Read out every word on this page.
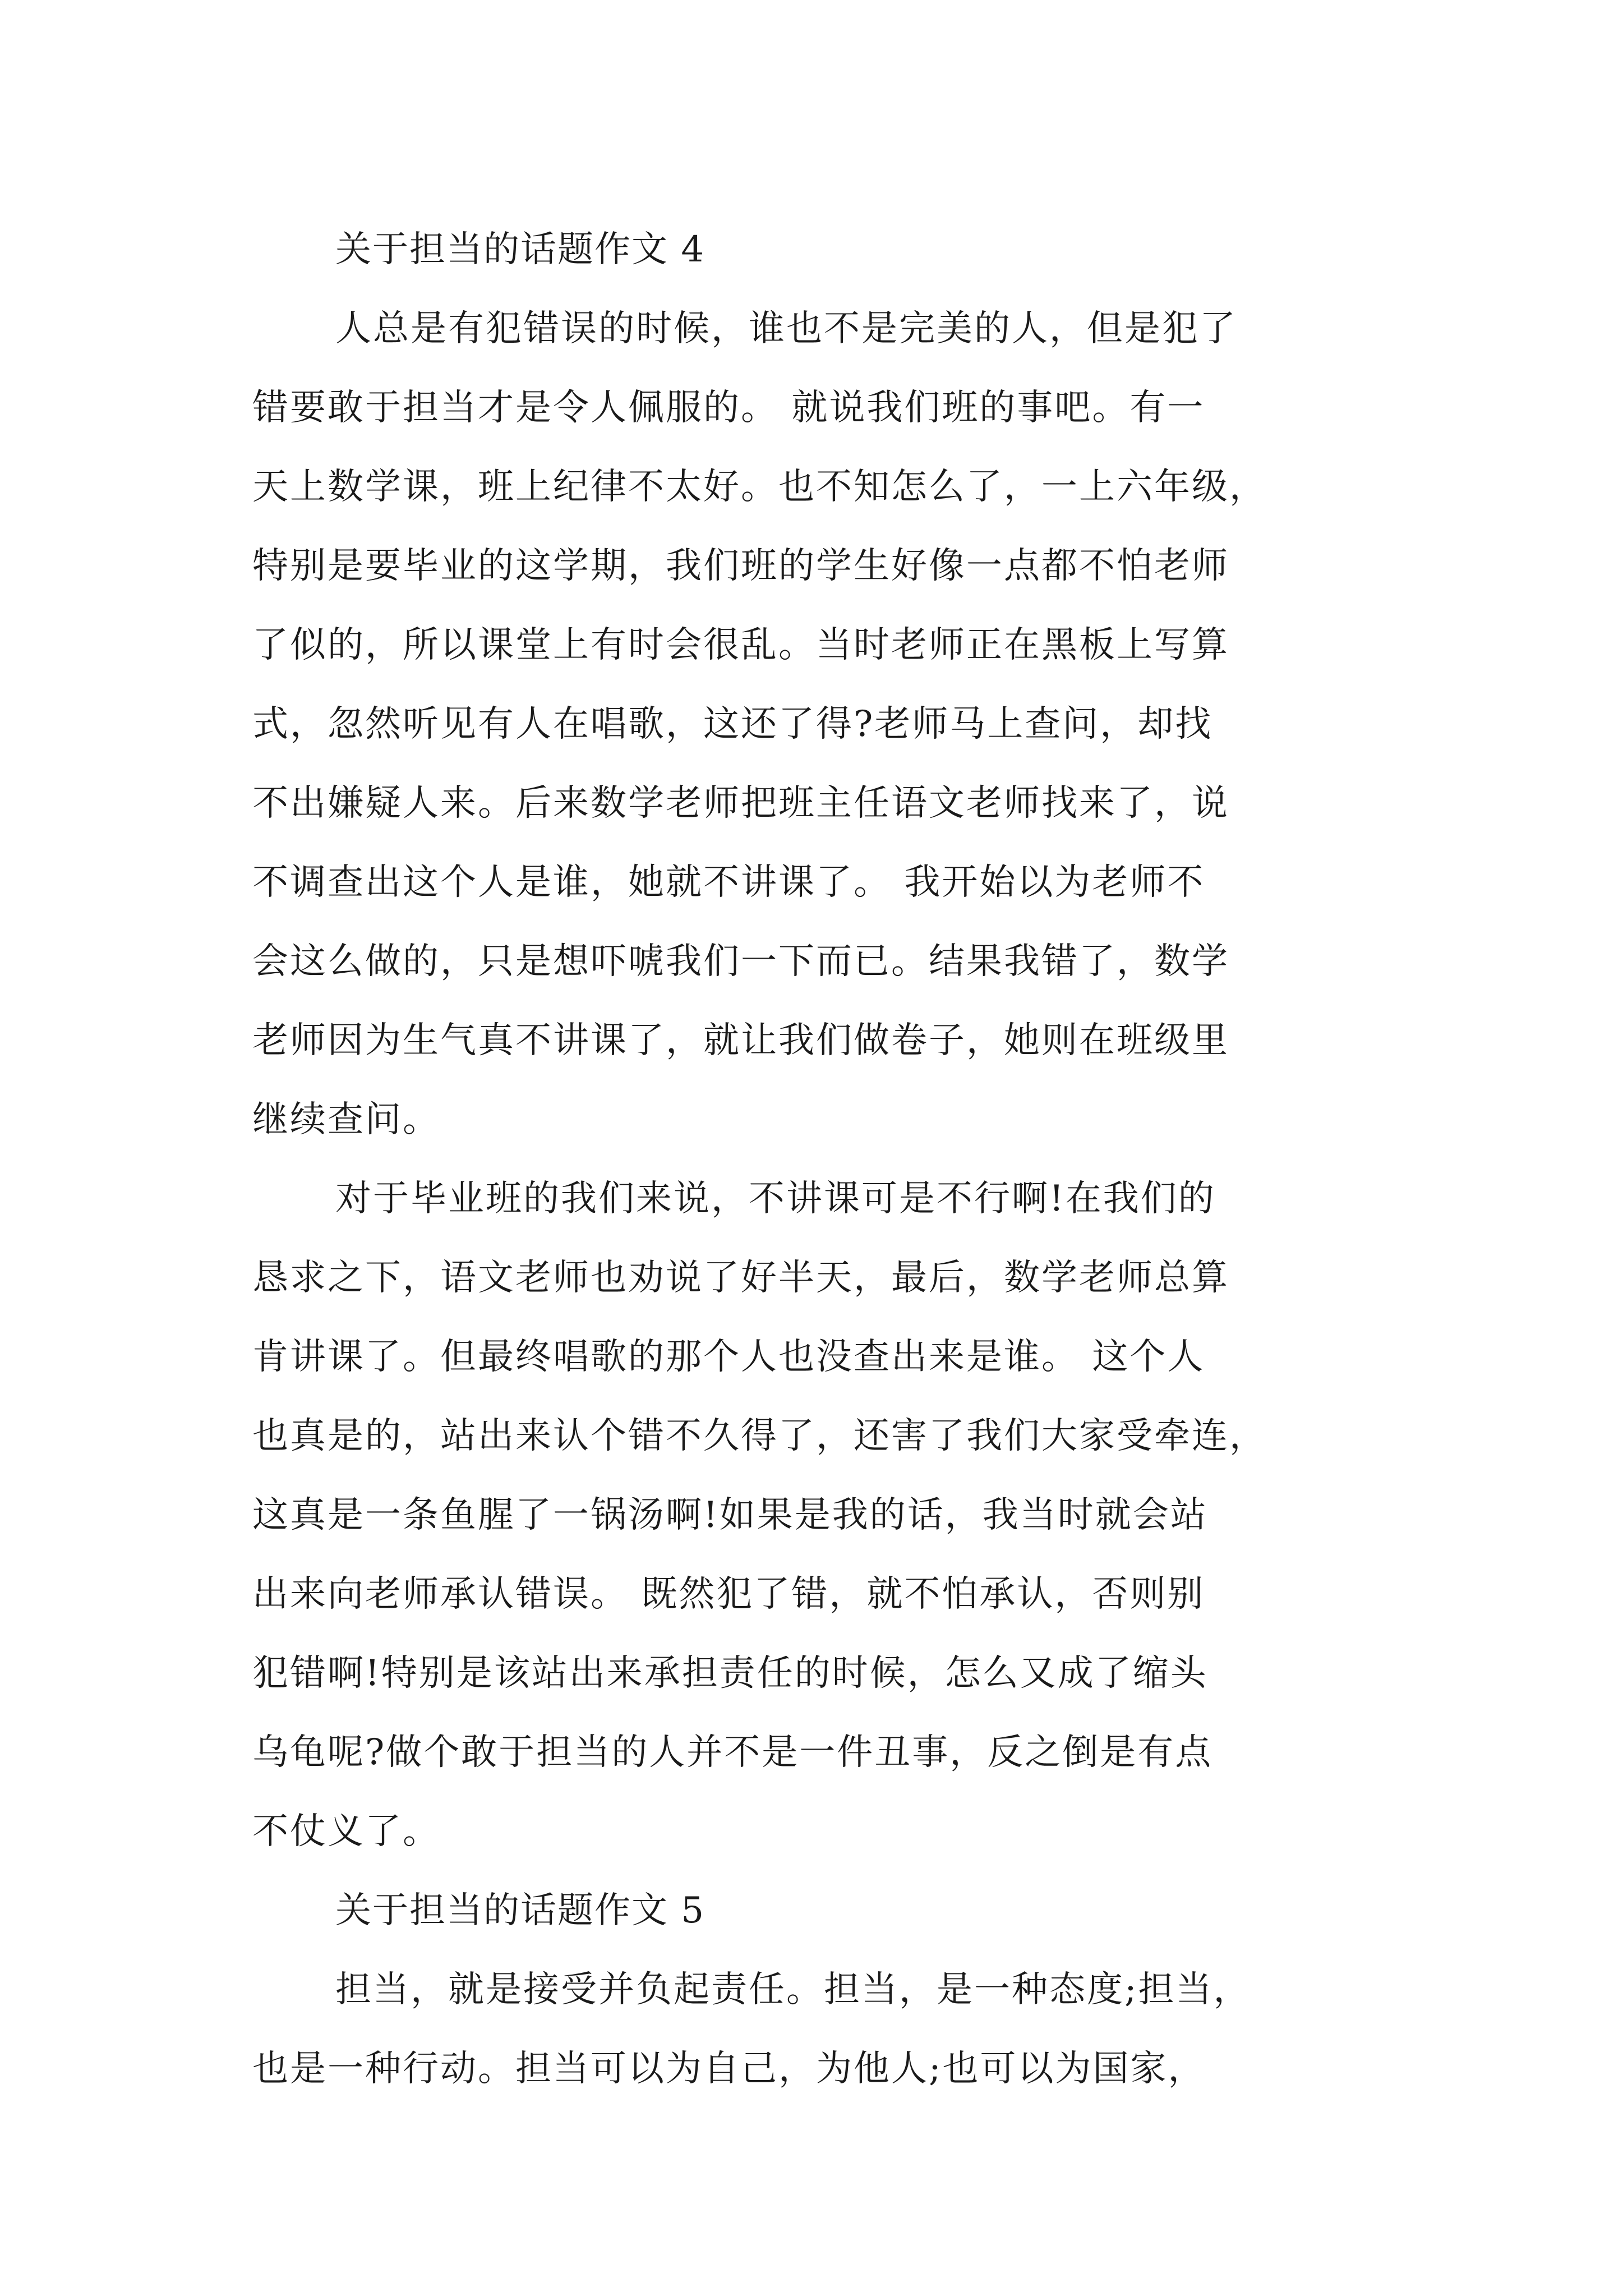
关于担当的话题作文 4
人总是有犯错误的时候，谁也不是完美的人，但是犯了
错要敢于担当才是令人佩服的。 就说我们班的事吧。有一
天上数学课，班上纪律不太好。也不知怎么了，一上六年级，
特别是要毕业的这学期，我们班的学生好像一点都不怕老师
了似的，所以课堂上有时会很乱。当时老师正在黑板上写算
式，忽然听见有人在唱歌，这还了得?老师马上查问，却找
不出嫌疑人来。后来数学老师把班主任语文老师找来了，说
不调查出这个人是谁，她就不讲课了。 我开始以为老师不
会这么做的，只是想吓唬我们一下而已。结果我错了，数学
老师因为生气真不讲课了，就让我们做卷子，她则在班级里
继续查问。
对于毕业班的我们来说，不讲课可是不行啊!在我们的
恳求之下，语文老师也劝说了好半天，最后，数学老师总算
肯讲课了。但最终唱歌的那个人也没查出来是谁。 这个人
也真是的，站出来认个错不久得了，还害了我们大家受牵连，
这真是一条鱼腥了一锅汤啊!如果是我的话，我当时就会站
出来向老师承认错误。 既然犯了错，就不怕承认，否则别
犯错啊!特别是该站出来承担责任的时候，怎么又成了缩头
乌龟呢?做个敢于担当的人并不是一件丑事，反之倒是有点
不仗义了。
关于担当的话题作文 5
担当，就是接受并负起责任。担当，是一种态度;担当，
也是一种行动。担当可以为自己，为他人;也可以为国家，
